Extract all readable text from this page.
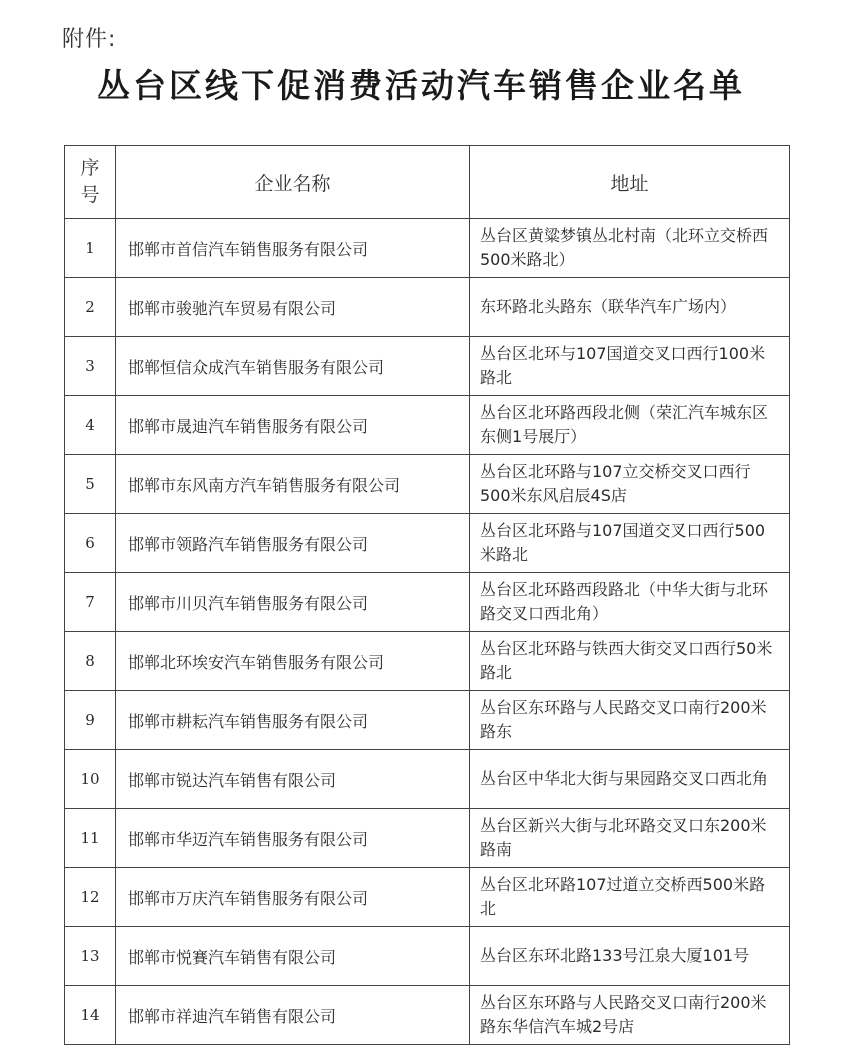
附件:
丛台区线下促消费活动汽车销售企业名单
序
号	企业名称	地址
1	邯郸市首信汽车销售服务有限公司	丛台区黄粱梦镇丛北村南（北环立交桥西500米路北）
2	邯郸市骏驰汽车贸易有限公司	东环路北头路东（联华汽车广场内）
3	邯郸恒信众成汽车销售服务有限公司	丛台区北环与107国道交叉口西行100米路北
4	邯郸市晟迪汽车销售服务有限公司	丛台区北环路西段北侧（荣汇汽车城东区东侧1号展厅）
5	邯郸市东风南方汽车销售服务有限公司	丛台区北环路与107立交桥交叉口西行500米东风启辰4S店
6	邯郸市领路汽车销售服务有限公司	丛台区北环路与107国道交叉口西行500米路北
7	邯郸市川贝汽车销售服务有限公司	丛台区北环路西段路北（中华大街与北环路交叉口西北角）
8	邯郸北环埃安汽车销售服务有限公司	丛台区北环路与铁西大街交叉口西行50米路北
9	邯郸市耕耘汽车销售服务有限公司	丛台区东环路与人民路交叉口南行200米路东
10	邯郸市锐达汽车销售有限公司	丛台区中华北大街与果园路交叉口西北角
11	邯郸市华迈汽车销售服务有限公司	丛台区新兴大街与北环路交叉口东200米路南
12	邯郸市万庆汽车销售服务有限公司	丛台区北环路107过道立交桥西500米路北
13	邯郸市悦賽汽车销售有限公司	丛台区东环北路133号江泉大厦101号
14	邯郸市祥迪汽车销售有限公司	丛台区东环路与人民路交叉口南行200米路东华信汽车城2号店
